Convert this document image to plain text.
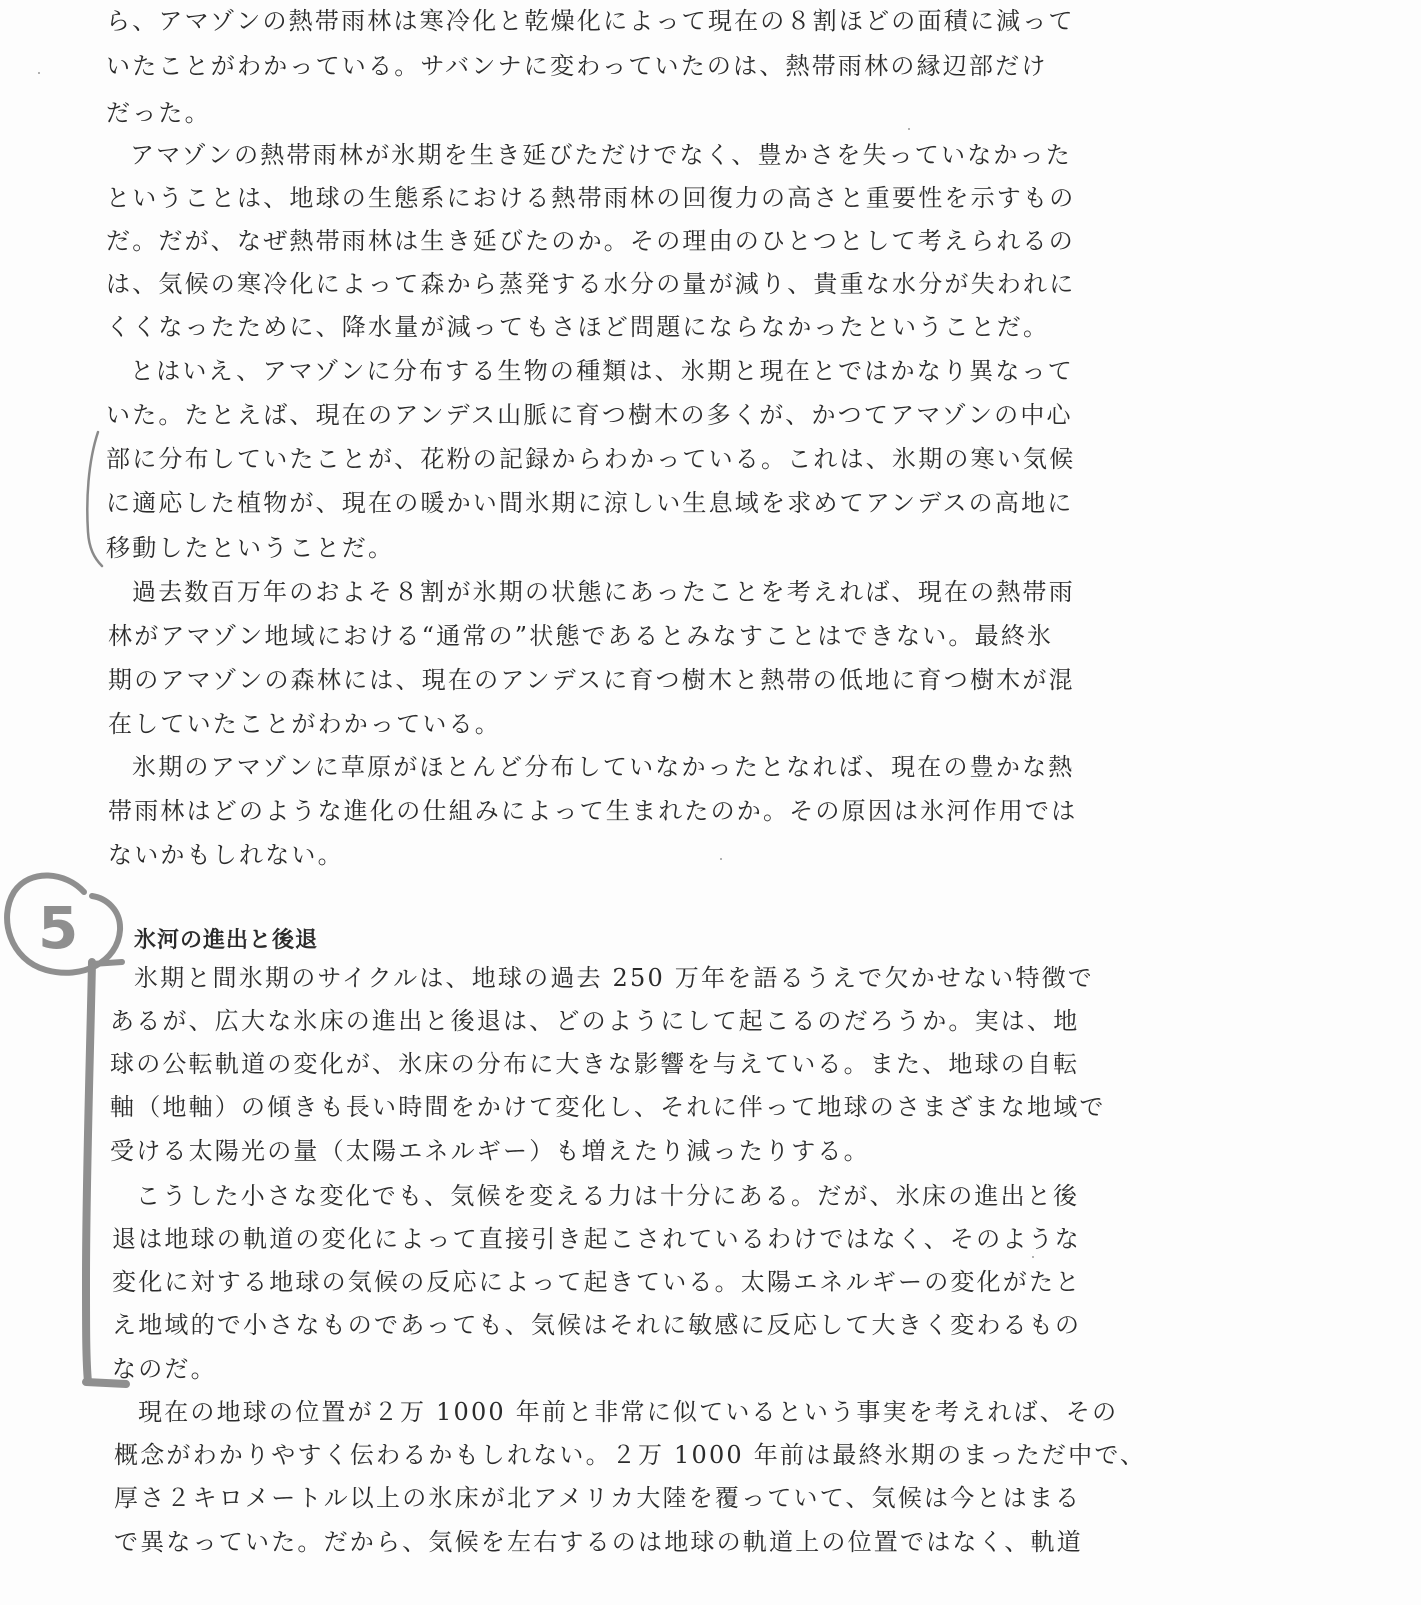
ら、アマゾンの熱帯雨林は寒冷化と乾燥化によって現在の８割ほどの面積に減って
いたことがわかっている。サバンナに変わっていたのは、熱帯雨林の縁辺部だけ
だった。
アマゾンの熱帯雨林が氷期を生き延びただけでなく、豊かさを失っていなかった
ということは、地球の生態系における熱帯雨林の回復力の高さと重要性を示すもの
だ。だが、なぜ熱帯雨林は生き延びたのか。その理由のひとつとして考えられるの
は、気候の寒冷化によって森から蒸発する水分の量が減り、貴重な水分が失われに
くくなったために、降水量が減ってもさほど問題にならなかったということだ。
とはいえ、アマゾンに分布する生物の種類は、氷期と現在とではかなり異なって
いた。たとえば、現在のアンデス山脈に育つ樹木の多くが、かつてアマゾンの中心
部に分布していたことが、花粉の記録からわかっている。これは、氷期の寒い気候
に適応した植物が、現在の暖かい間氷期に涼しい生息域を求めてアンデスの高地に
移動したということだ。
過去数百万年のおよそ８割が氷期の状態にあったことを考えれば、現在の熱帯雨
林がアマゾン地域における“通常の”状態であるとみなすことはできない。最終氷
期のアマゾンの森林には、現在のアンデスに育つ樹木と熱帯の低地に育つ樹木が混
在していたことがわかっている。
氷期のアマゾンに草原がほとんど分布していなかったとなれば、現在の豊かな熱
帯雨林はどのような進化の仕組みによって生まれたのか。その原因は氷河作用では
ないかもしれない。
氷河の進出と後退
氷期と間氷期のサイクルは、地球の過去 250 万年を語るうえで欠かせない特徴で
あるが、広大な氷床の進出と後退は、どのようにして起こるのだろうか。実は、地
球の公転軌道の変化が、氷床の分布に大きな影響を与えている。また、地球の自転
軸（地軸）の傾きも長い時間をかけて変化し、それに伴って地球のさまざまな地域で
受ける太陽光の量（太陽エネルギー）も増えたり減ったりする。
こうした小さな変化でも、気候を変える力は十分にある。だが、氷床の進出と後
退は地球の軌道の変化によって直接引き起こされているわけではなく、そのような
変化に対する地球の気候の反応によって起きている。太陽エネルギーの変化がたと
え地域的で小さなものであっても、気候はそれに敏感に反応して大きく変わるもの
なのだ。
現在の地球の位置が２万 1000 年前と非常に似ているという事実を考えれば、その
概念がわかりやすく伝わるかもしれない。２万 1000 年前は最終氷期のまっただ中で、
厚さ２キロメートル以上の氷床が北アメリカ大陸を覆っていて、気候は今とはまる
で異なっていた。だから、気候を左右するのは地球の軌道上の位置ではなく、軌道
5
